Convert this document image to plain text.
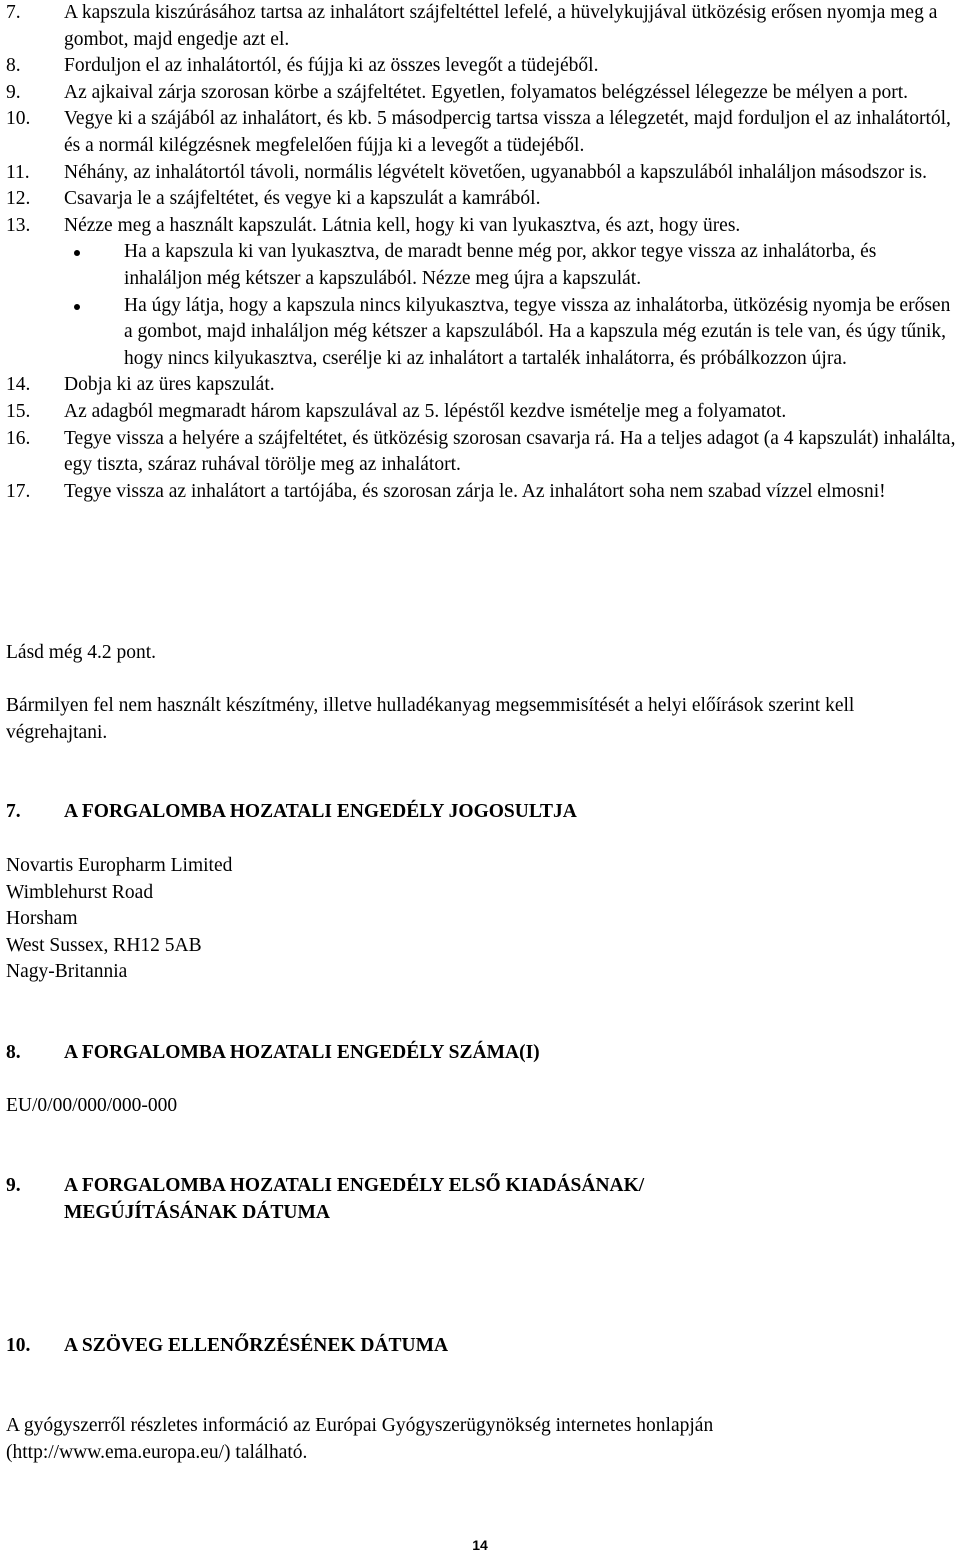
7.	A kapszula kiszúrásához tartsa az inhalátort szájfeltéttel lefelé, a hüvelykujjával ütközésig erősen nyomja meg a gombot, majd engedje azt el.
8.	Forduljon el az inhalátortól, és fújja ki az összes levegőt a tüdejéből.
9.	Az ajkaival zárja szorosan körbe a szájfeltétet. Egyetlen, folyamatos belégzéssel lélegezze be mélyen a port.
10.	Vegye ki a szájából az inhalátort, és kb. 5 másodpercig tartsa vissza a lélegzetét, majd forduljon el az inhalátortól, és a normál kilégzésnek megfelelően fújja ki a levegőt a tüdejéből.
11.	Néhány, az inhalátortól távoli, normális légvételt követően, ugyanabból a kapszulából inhaláljon másodszor is.
12.	Csavarja le a szájfeltétet, és vegye ki a kapszulát a kamrából.
13.	Nézze meg a használt kapszulát. Látnia kell, hogy ki van lyukasztva, és azt, hogy üres.
Ha a kapszula ki van lyukasztva, de maradt benne még por, akkor tegye vissza az inhalátorba, és inhaláljon még kétszer a kapszulából. Nézze meg újra a kapszulát.
Ha úgy látja, hogy a kapszula nincs kilyukasztva, tegye vissza az inhalátorba, ütközésig nyomja be erősen a gombot, majd inhaláljon még kétszer a kapszulából. Ha a kapszula még ezután is tele van, és úgy tűnik, hogy nincs kilyukasztva, cserélje ki az inhalátort a tartalék inhalátorra, és próbálkozzon újra.
14.	Dobja ki az üres kapszulát.
15.	Az adagból megmaradt három kapszulával az 5. lépéstől kezdve ismételje meg a folyamatot.
16.	Tegye vissza a helyére a szájfeltétet, és ütközésig szorosan csavarja rá. Ha a teljes adagot (a 4 kapszulát) inhalálta, egy tiszta, száraz ruhával törölje meg az inhalátort.
17.	Tegye vissza az inhalátort a tartójába, és szorosan zárja le. Az inhalátort soha nem szabad vízzel elmosni!
Lásd még 4.2 pont.
Bármilyen fel nem használt készítmény, illetve hulladékanyag megsemmisítését a helyi előírások szerint kell végrehajtani.
7.	A FORGALOMBA HOZATALI ENGEDÉLY JOGOSULTJA
Novartis Europharm Limited
Wimblehurst Road
Horsham
West Sussex, RH12 5AB
Nagy-Britannia
8.	A FORGALOMBA HOZATALI ENGEDÉLY SZÁMA(I)
EU/0/00/000/000-000
9.	A FORGALOMBA HOZATALI ENGEDÉLY ELSŐ KIADÁSÁNAK/
MEGÚJÍTÁSÁNAK DÁTUMA
10.	A SZÖVEG ELLENŐRZÉSÉNEK DÁTUMA
A gyógyszerről részletes információ az Európai Gyógyszerügynökség internetes honlapján (http://www.ema.europa.eu/) található.
14
